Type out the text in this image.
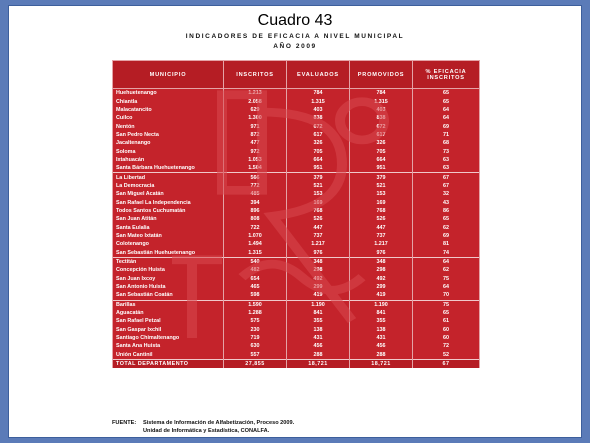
Cuadro 43
INDICADORES DE EFICACIA A NIVEL MUNICIPAL
AÑO 2009
MUNICIPIO	INSCRITOS	EVALUADOS	PROMOVIDOS	% EFICACIA INSCRITOS
Huehuetenango	1.213	784	784	65
Chiantla	2.058	1.315	1.315	65
Malacatancito	629	403	403	64
Cuilco	1.300	838	838	64
Nentón	971	672	672	69
San Pedro Necta	872	617	617	71
Jacaltenango	477	326	326	68
Soloma	972	705	705	73
Ixtahuacán	1.053	664	664	63
Santa Bárbara Huehuetenango	1.504	951	951	63
La Libertad	566	379	379	67
La Democracia	772	521	521	67
San Miguel Acatán	485	153	153	32
San Rafael La Independencia	394	169	169	43
Todos Santos Cuchumatán	896	768	768	86
San Juan Atitán	808	526	526	65
Santa Eulalia	722	447	447	62
San Mateo Ixtatán	1.070	737	737	69
Colotenango	1.494	1.217	1.217	81
San Sebastián Huehuetenango	1.315	976	976	74
Tectitán	540	348	348	64
Concepción Huista	482	298	298	62
San Juan Ixcoy	654	492	492	75
San Antonio Huista	465	299	299	64
San Sebastián Coatán	598	419	419	70
Barillas	1.590	1.190	1.190	75
Aguacatán	1.288	841	841	65
San Rafael Petzal	575	355	355	61
San Gaspar Ixchil	230	138	138	60
Santiago Chimaltenango	719	431	431	60
Santa Ana Huista	630	456	456	72
Unión Cantinil	557	288	288	52
TOTAL DEPARTAMENTO	27,855	18,721	18,721	67
FUENTE: Sistema de Información de Alfabetización, Proceso 2009.
Unidad de Informática y Estadística, CONALFA.
